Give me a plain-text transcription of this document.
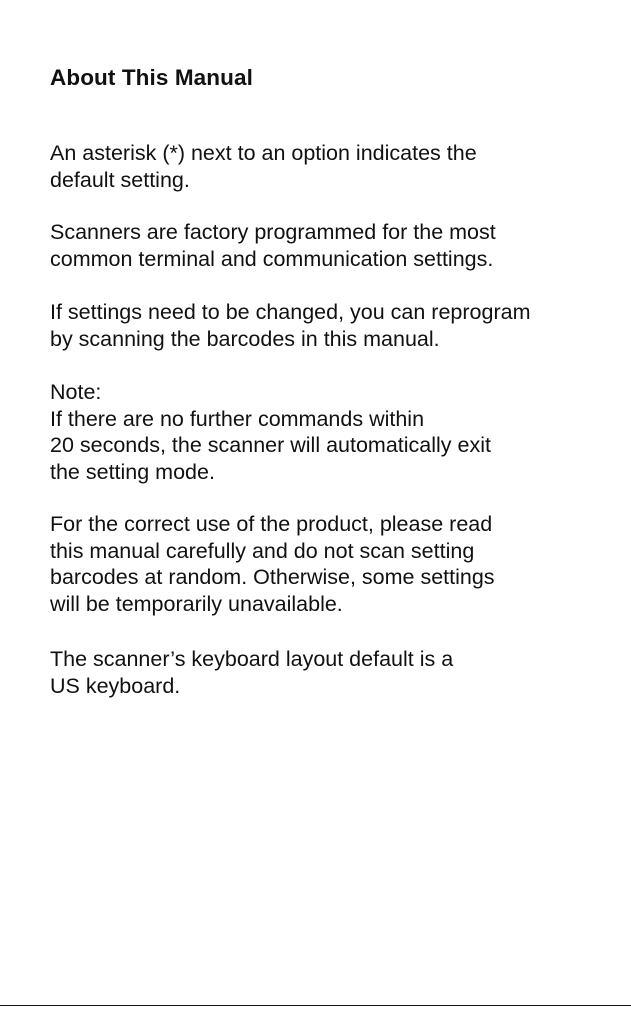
About This Manual

An asterisk (*) next to an option indicates the
default setting.

Scanners are factory programmed for the most
common terminal and communication settings.

If settings need to be changed, you can reprogram
by scanning the barcodes in this manual.

Note:
If there are no further commands within
20 seconds, the scanner will automatically exit
the setting mode.

For the correct use of the product, please read
this manual carefully and do not scan setting
barcodes at random. Otherwise, some settings
will be temporarily unavailable.

The scanner’s keyboard layout default is a
US keyboard.
